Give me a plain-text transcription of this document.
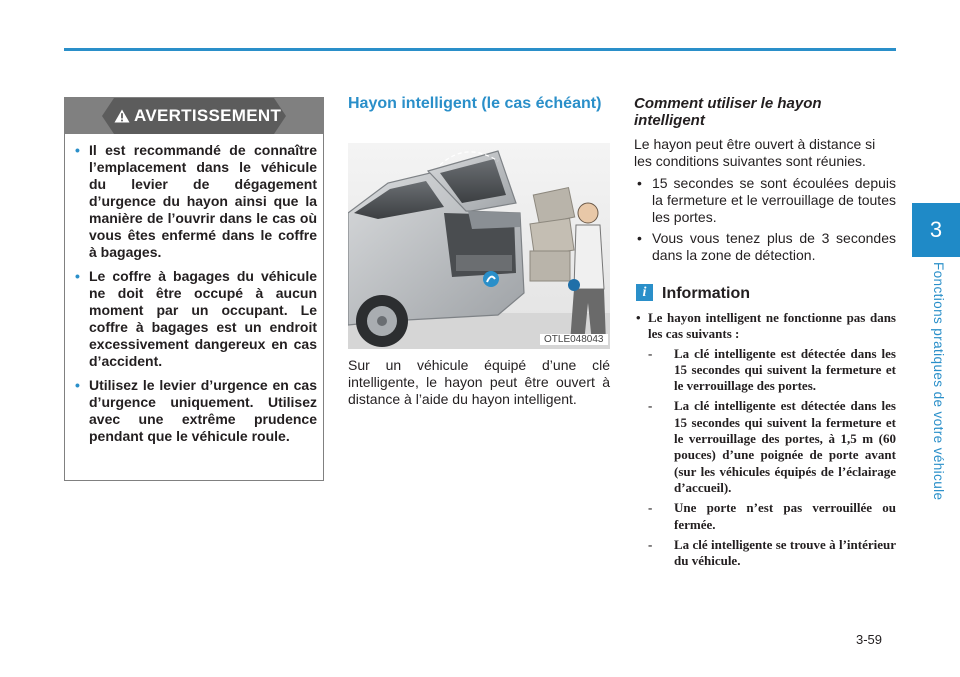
3
Fonctions pratiques de votre véhicule
AVERTISSEMENT
• Il est recommandé de connaître l’emplacement dans le véhicule du levier de dégagement d’urgence du hayon ainsi que la manière de l’ouvrir dans le cas où vous êtes enfermé dans le coffre à bagages.
• Le coffre à bagages du véhicule ne doit être occupé à aucun moment par un occupant. Le coffre à bagages est un endroit excessivement dangereux en cas d’accident.
• Utilisez le levier d’urgence en cas d’urgence uniquement. Utilisez avec une extrême prudence pendant que le véhicule roule.
Hayon intelligent (le cas échéant)
OTLE048043

Sur un véhicule équipé d’une clé intelligente, le hayon peut être ouvert à distance à l’aide du hayon intelligent.

Comment utiliser le hayon intelligent

Le hayon peut être ouvert à distance si les conditions suivantes sont réunies.

• 15 secondes se sont écoulées depuis la fermeture et le verrouillage de toutes les portes.
• Vous vous tenez plus de 3 secondes dans la zone de détection.
i Information
• Le hayon intelligent ne fonctionne pas dans les cas suivants :
- La clé intelligente est détectée dans les 15 secondes qui suivent la fermeture et le verrouillage des portes.
- La clé intelligente est détectée dans les 15 secondes qui suivent la fermeture et le verrouillage des portes, à 1,5 m (60 pouces) d’une poignée de porte avant (sur les véhicules équipés de l’éclairage d’accueil).
- Une porte n’est pas verrouillée ou fermée.
- La clé intelligente se trouve à l’intérieur du véhicule.
3-59
